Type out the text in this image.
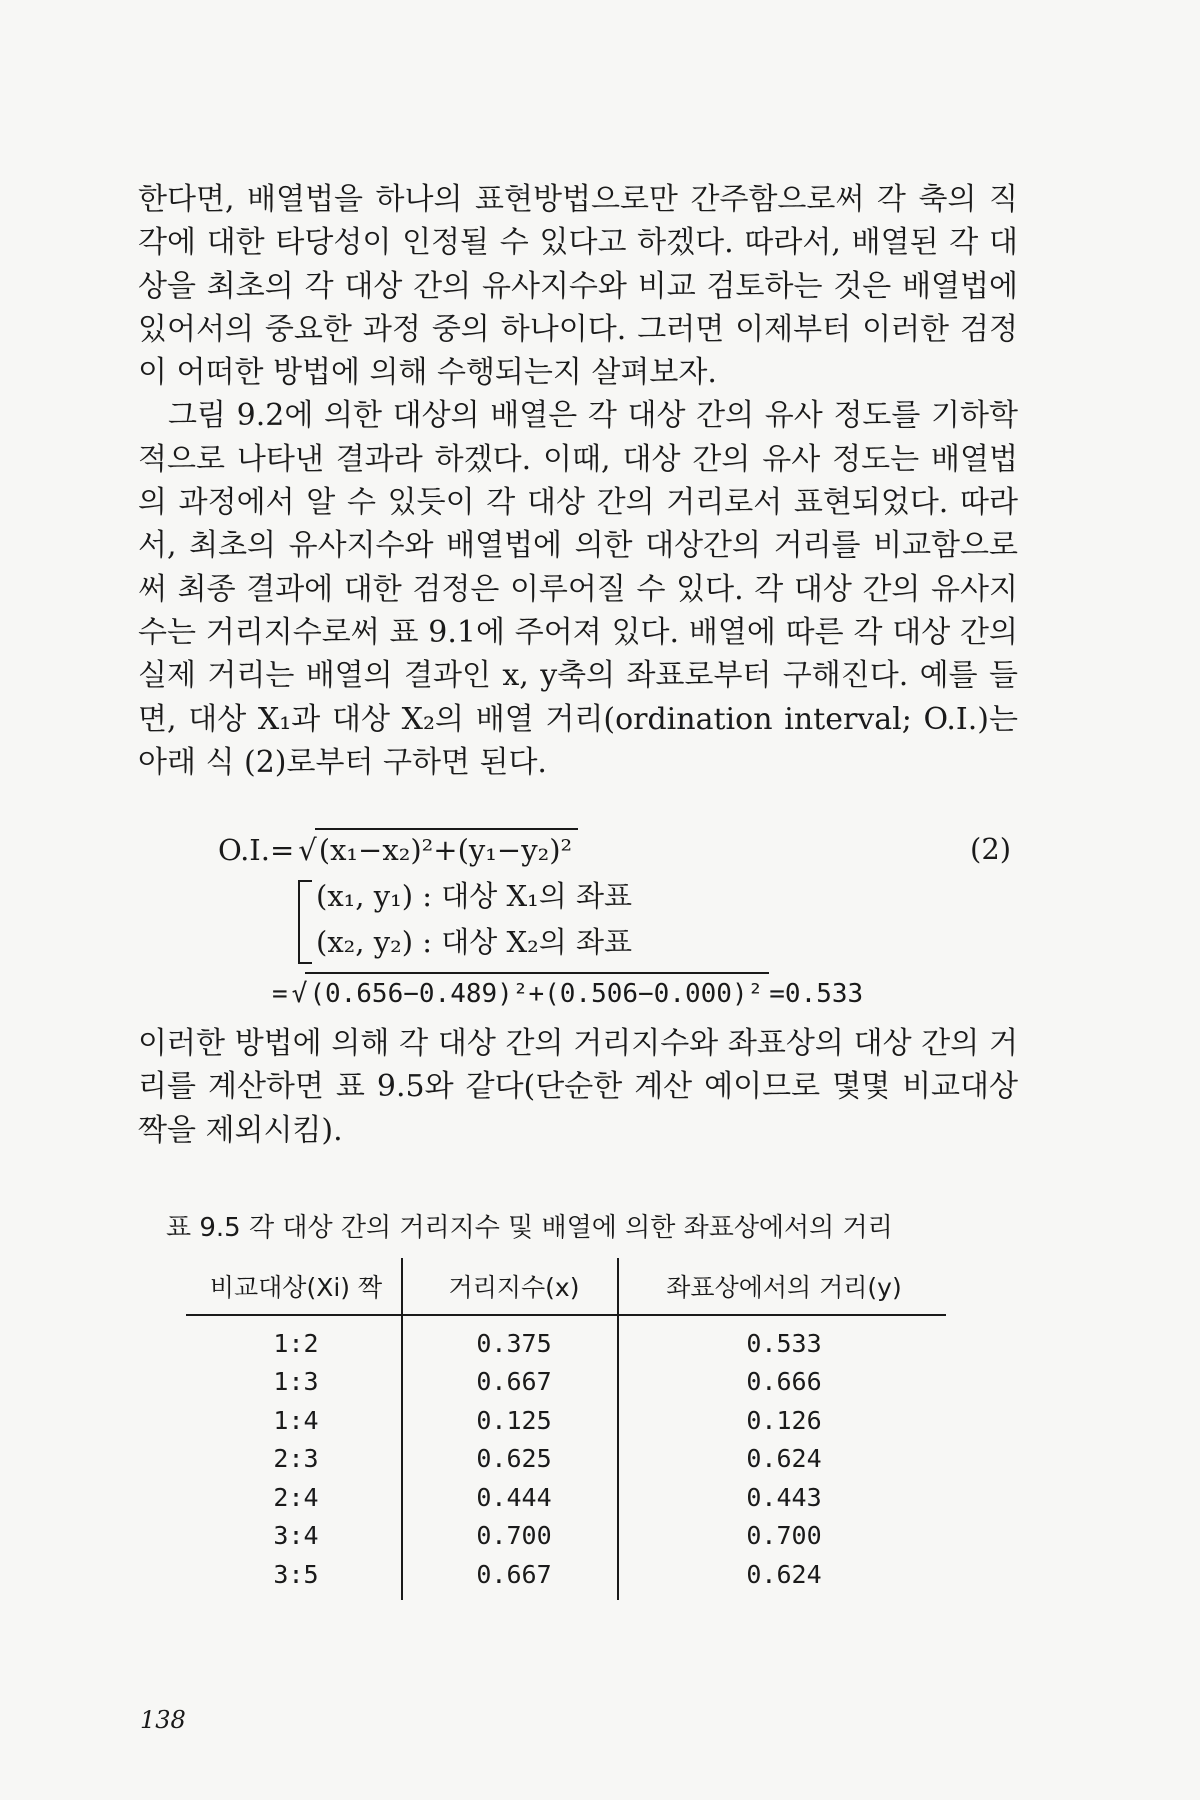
한다면, 배열법을 하나의 표현방법으로만 간주함으로써 각 축의 직각에 대한 타당성이 인정될 수 있다고 하겠다. 따라서, 배열된 각 대상을 최초의 각 대상 간의 유사지수와 비교 검토하는 것은 배열법에 있어서의 중요한 과정 중의 하나이다. 그러면 이제부터 이러한 검정이 어떠한 방법에 의해 수행되는지 살펴보자.

그림 9.2에 의한 대상의 배열은 각 대상 간의 유사 정도를 기하학적으로 나타낸 결과라 하겠다. 이때, 대상 간의 유사 정도는 배열법의 과정에서 알 수 있듯이 각 대상 간의 거리로서 표현되었다. 따라서, 최초의 유사지수와 배열법에 의한 대상간의 거리를 비교함으로써 최종 결과에 대한 검정은 이루어질 수 있다. 각 대상 간의 유사지수는 거리지수로써 표 9.1에 주어져 있다. 배열에 따른 각 대상 간의 실제 거리는 배열의 결과인 x, y축의 좌표로부터 구해진다. 예를 들면, 대상 X₁과 대상 X₂의 배열 거리(ordination interval; O.I.)는 아래 식 (2)로부터 구하면 된다.

O.I.= √(x₁−x₂)²+(y₁−y₂)²	(2)
(x₁, y₁) : 대상 X₁의 좌표
(x₂, y₂) : 대상 X₂의 좌표
= √(0.656−0.489)²+(0.506−0.000)² =0.533
이러한 방법에 의해 각 대상 간의 거리지수와 좌표상의 대상 간의 거리를 계산하면 표 9.5와 같다(단순한 계산 예이므로 몇몇 비교대상 짝을 제외시킴).
표 9.5 각 대상 간의 거리지수 및 배열에 의한 좌표상에서의 거리
비교대상(Xi) 짝	거리지수(x)	좌표상에서의 거리(y)
1:2	0.375	0.533
1:3	0.667	0.666
1:4	0.125	0.126
2:3	0.625	0.624
2:4	0.444	0.443
3:4	0.700	0.700
3:5	0.667	0.624
138
